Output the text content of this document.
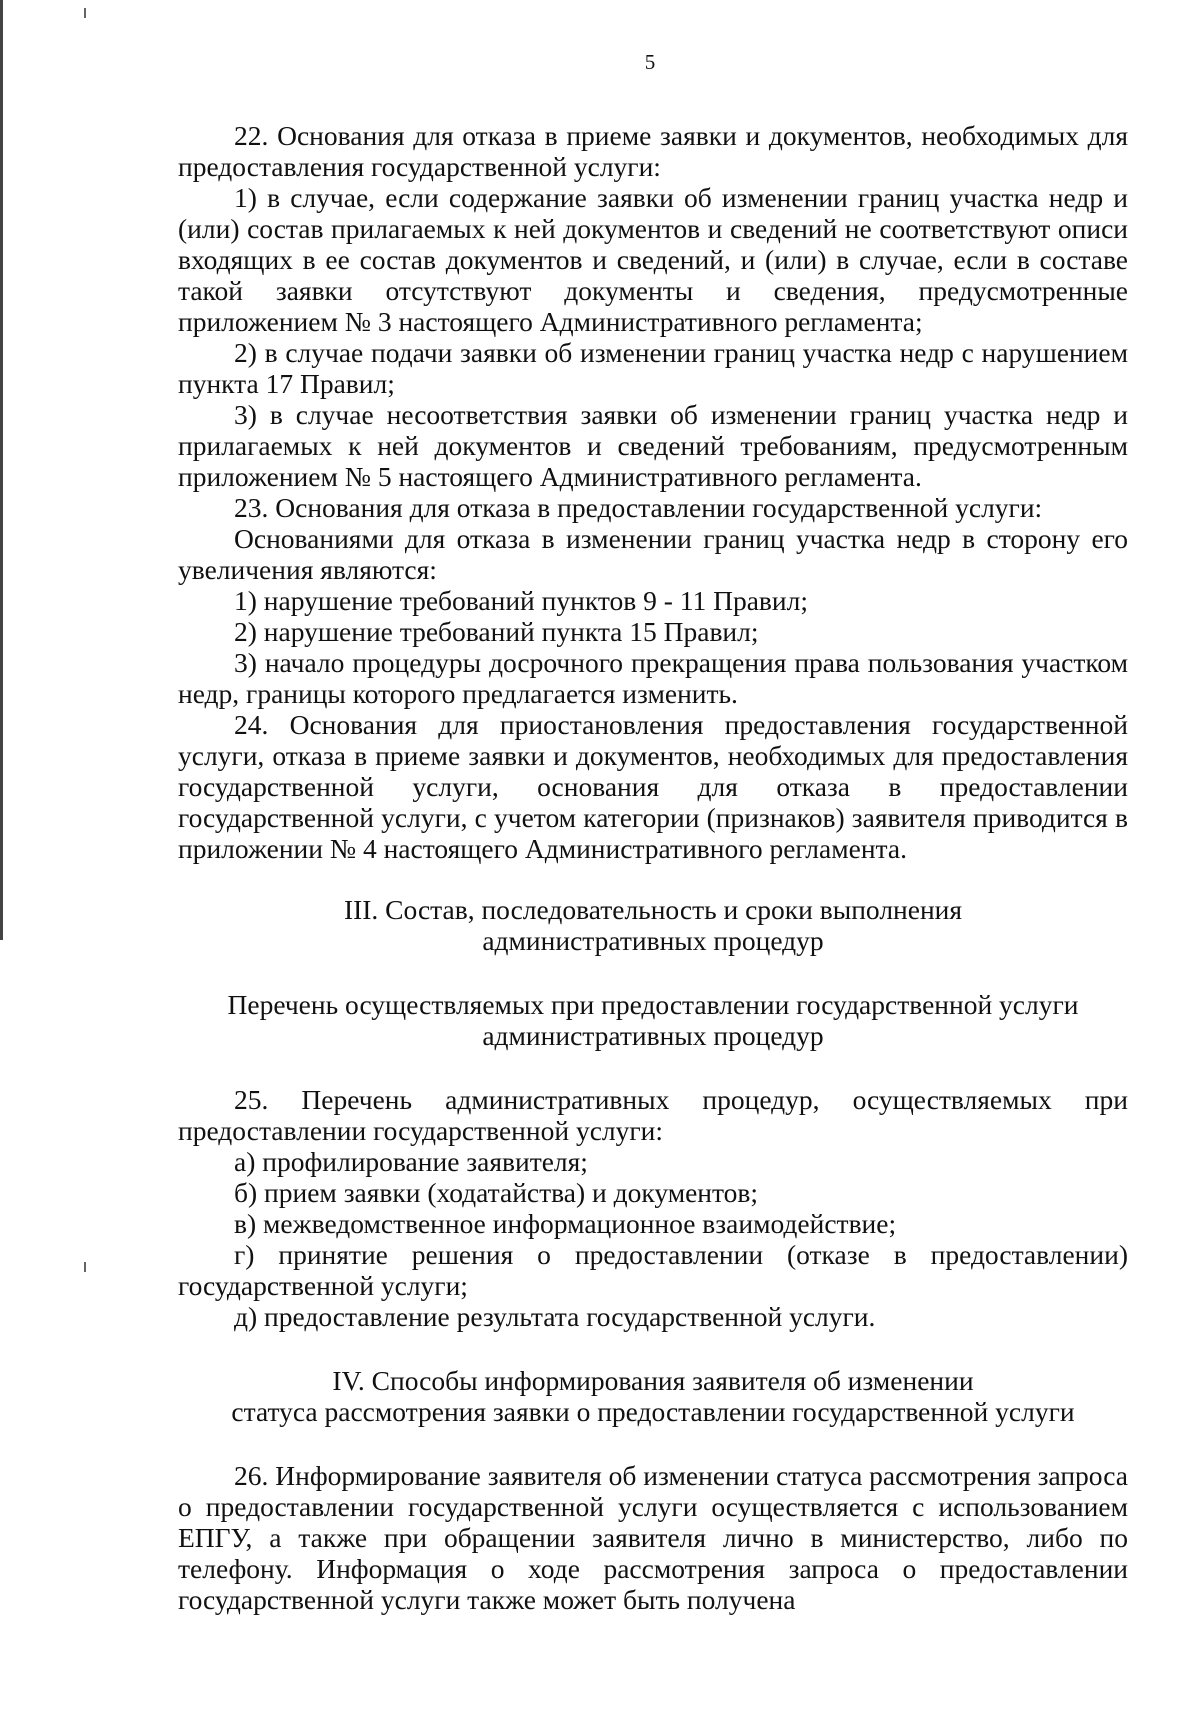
5

22. Основания для отказа в приеме заявки и документов, необходимых для предоставления государственной услуги:

1) в случае, если содержание заявки об изменении границ участка недр и (или) состав прилагаемых к ней документов и сведений не соответствуют описи входящих в ее состав документов и сведений, и (или) в случае, если в составе такой заявки отсутствуют документы и сведения, предусмотренные приложением № 3 настоящего Административного регламента;

2) в случае подачи заявки об изменении границ участка недр с нарушением пункта 17 Правил;

3) в случае несоответствия заявки об изменении границ участка недр и прилагаемых к ней документов и сведений требованиям, предусмотренным приложением № 5 настоящего Административного регламента.

23. Основания для отказа в предоставлении государственной услуги:

Основаниями для отказа в изменении границ участка недр в сторону его увеличения являются:

1) нарушение требований пунктов 9 - 11 Правил;

2) нарушение требований пункта 15 Правил;

3) начало процедуры досрочного прекращения права пользования участком недр, границы которого предлагается изменить.

24. Основания для приостановления предоставления государственной услуги, отказа в приеме заявки и документов, необходимых для предоставления государственной услуги, основания для отказа в предоставлении государственной услуги, с учетом категории (признаков) заявителя приводится в приложении № 4 настоящего Административного регламента.

III. Состав, последовательность и сроки выполнения
административных процедур

Перечень осуществляемых при предоставлении государственной услуги
административных процедур

25. Перечень административных процедур, осуществляемых при предоставлении государственной услуги:

а) профилирование заявителя;

б) прием заявки (ходатайства) и документов;

в) межведомственное информационное взаимодействие;

г) принятие решения о предоставлении (отказе в предоставлении) государственной услуги;

д) предоставление результата государственной услуги.

IV. Способы информирования заявителя об изменении
статуса рассмотрения заявки о предоставлении государственной услуги

26. Информирование заявителя об изменении статуса рассмотрения запроса о предоставлении государственной услуги осуществляется с использованием ЕПГУ, а также при обращении заявителя лично в министерство, либо по телефону. Информация о ходе рассмотрения запроса о предоставлении государственной услуги также может быть получена
